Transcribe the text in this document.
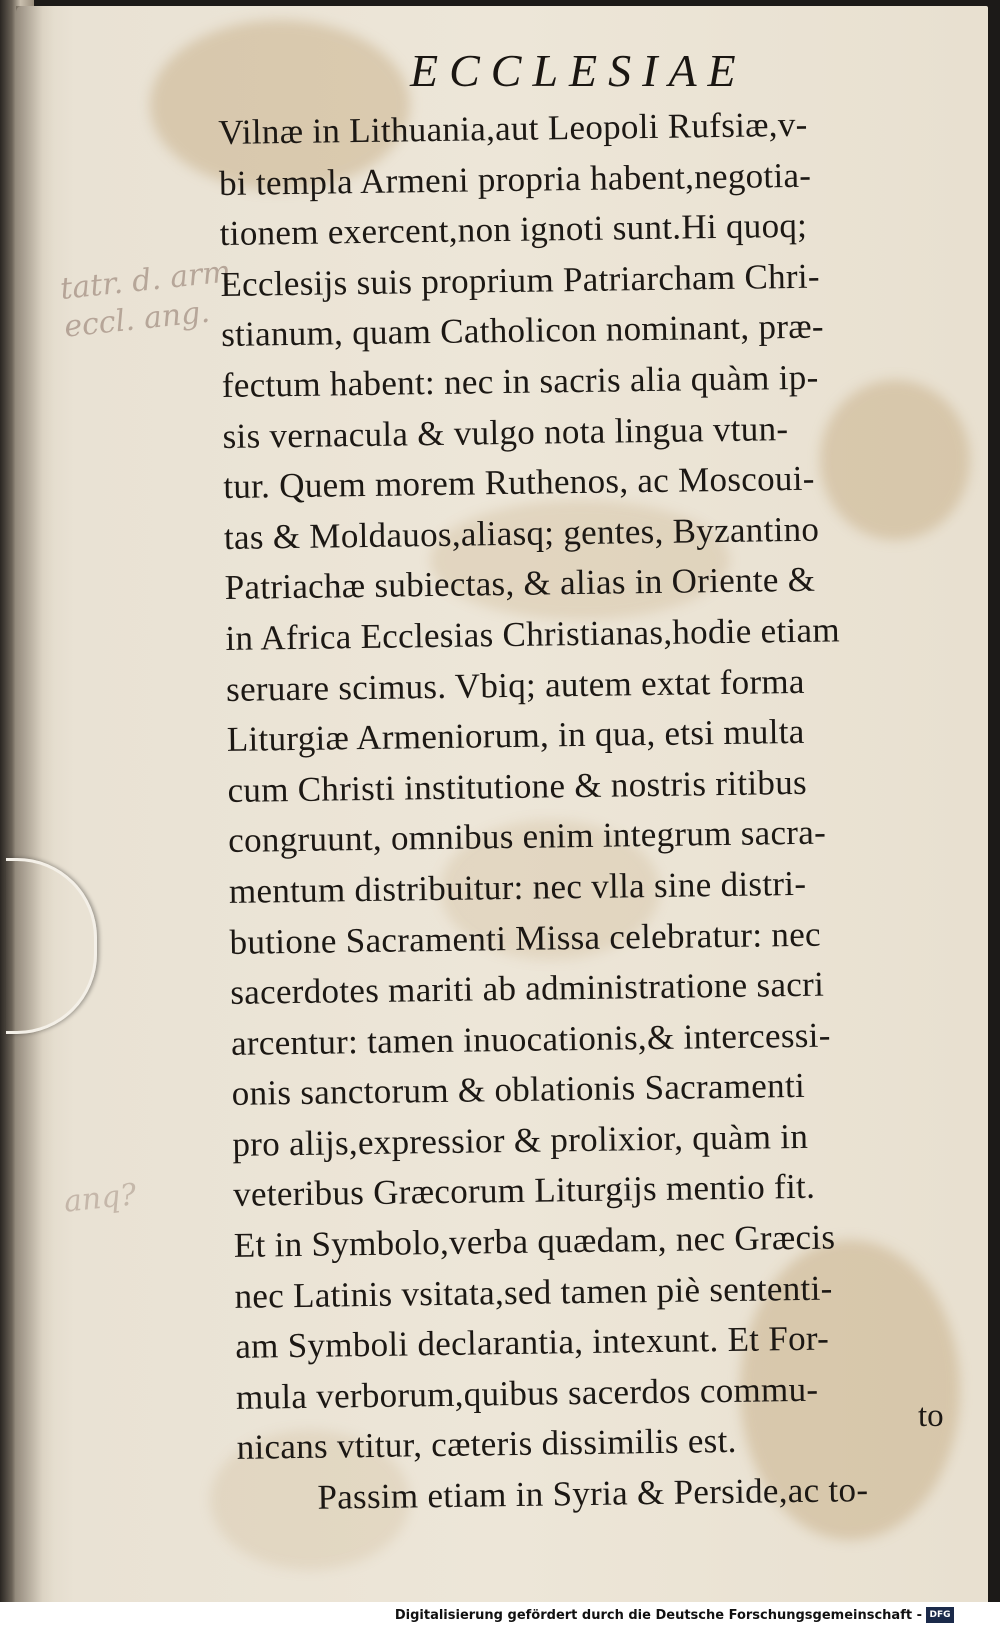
tatr. d. arm
eccl. ang.
anq?
ECCLESIAE
Vilnæ in Lithuania,aut Leopoli Rufsiæ,v-
bi templa Armeni propria habent,negotia-
tionem exercent,non ignoti sunt.Hi quoq;
Ecclesijs suis proprium Patriarcham Chri-
stianum, quam Catholicon nominant, præ-
fectum habent: nec in sacris alia quàm ip-
sis vernacula & vulgo nota lingua vtun-
tur. Quem morem Ruthenos, ac Moscoui-
tas & Moldauos,aliasq; gentes, Byzantino
Patriachæ subiectas, & alias in Oriente &
in Africa Ecclesias Christianas,hodie etiam
seruare scimus. Vbiq; autem extat forma
Liturgiæ Armeniorum, in qua, etsi multa
cum Christi institutione & nostris ritibus
congruunt, omnibus enim integrum sacra-
mentum distribuitur: nec vlla sine distri-
butione Sacramenti Missa celebratur: nec
sacerdotes mariti ab administratione sacri
arcentur: tamen inuocationis,& intercessi-
onis sanctorum & oblationis Sacramenti
pro alijs,expressior & prolixior, quàm in
veteribus Græcorum Liturgijs mentio fit.
Et in Symbolo,verba quædam, nec Græcis
nec Latinis vsitata,sed tamen piè sententi-
am Symboli declarantia, intexunt. Et For-
mula verborum,quibus sacerdos commu-
nicans vtitur, cæteris dissimilis est.
Passim etiam in Syria & Perside,ac to-
to
Digitalisierung gefördert durch die Deutsche Forschungsgemeinschaft - DFG
